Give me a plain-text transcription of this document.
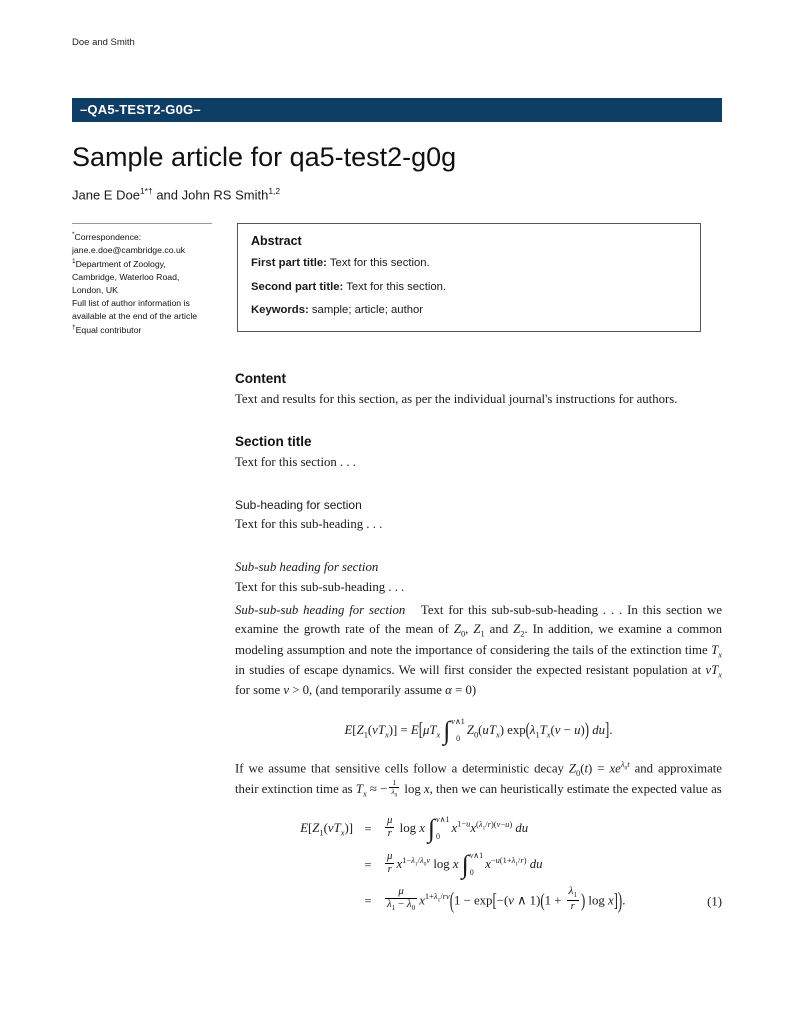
Doe and Smith
–QA5-TEST2-G0G–
Sample article for qa5-test2-g0g
Jane E Doe$^{1*\dagger}$ and John RS Smith$^{1,2}$
*Correspondence:
jane.e.doe@cambridge.co.uk
$^1$Department of Zoology,
Cambridge, Waterloo Road,
London, UK
Full list of author information is
available at the end of the article
†Equal contributor
Abstract
First part title: Text for this section.
Second part title: Text for this section.
Keywords: sample; article; author
Content

Text and results for this section, as per the individual journal's instructions for authors.

Section title

Text for this section . . .

Sub-heading for section

Text for this sub-heading . . .

Sub-sub heading for section

Text for this sub-sub-heading . . .

Sub-sub-sub heading for section Text for this sub-sub-sub-heading . . . In this section we examine the growth rate of the mean of $Z_0$, $Z_1$ and $Z_2$. In addition, we examine a common modeling assumption and note the importance of considering the tails of the extinction time $T_x$ in studies of escape dynamics. We will first consider the expected resistant population at $vT_x$ for some v > 0, (and temporarily assume α = 0)

$E[Z_1(vT_x)] = E[\mu T_x$ ∫ v∧1
0
$Z_0(uT_x) \exp(\lambda_1T_x(v - u))$ du].

If we assume that sensitive cells follow a deterministic decay $Z_0(t) = xe^{\lambda_0t}$ and approximate their extinction time as $T_x$ ≈ − $\frac{1}{\lambda_0}$ log x, then we can heuristically estimate the expected value as

$E[Z_1(vT_x)]$ =	$\frac{\mu}{r}$ log x ∫ v∧1
0
$x^{1-u}x^{(\lambda_1/r)(v-u)}$ du
=	$\frac{\mu}{r} x^{1-\lambda_1/\lambda_0v}$ log x ∫ v∧1
0
$x^{-u(1+\lambda_1/r)}$ du
=	$\frac{\mu}{\lambda_1 - \lambda_0} x^{1+\lambda_1/rv}(1 - \exp[-(v$ ∧ $1)(1 + \frac{\lambda_1}{r}$ ) log x]).	(1)
